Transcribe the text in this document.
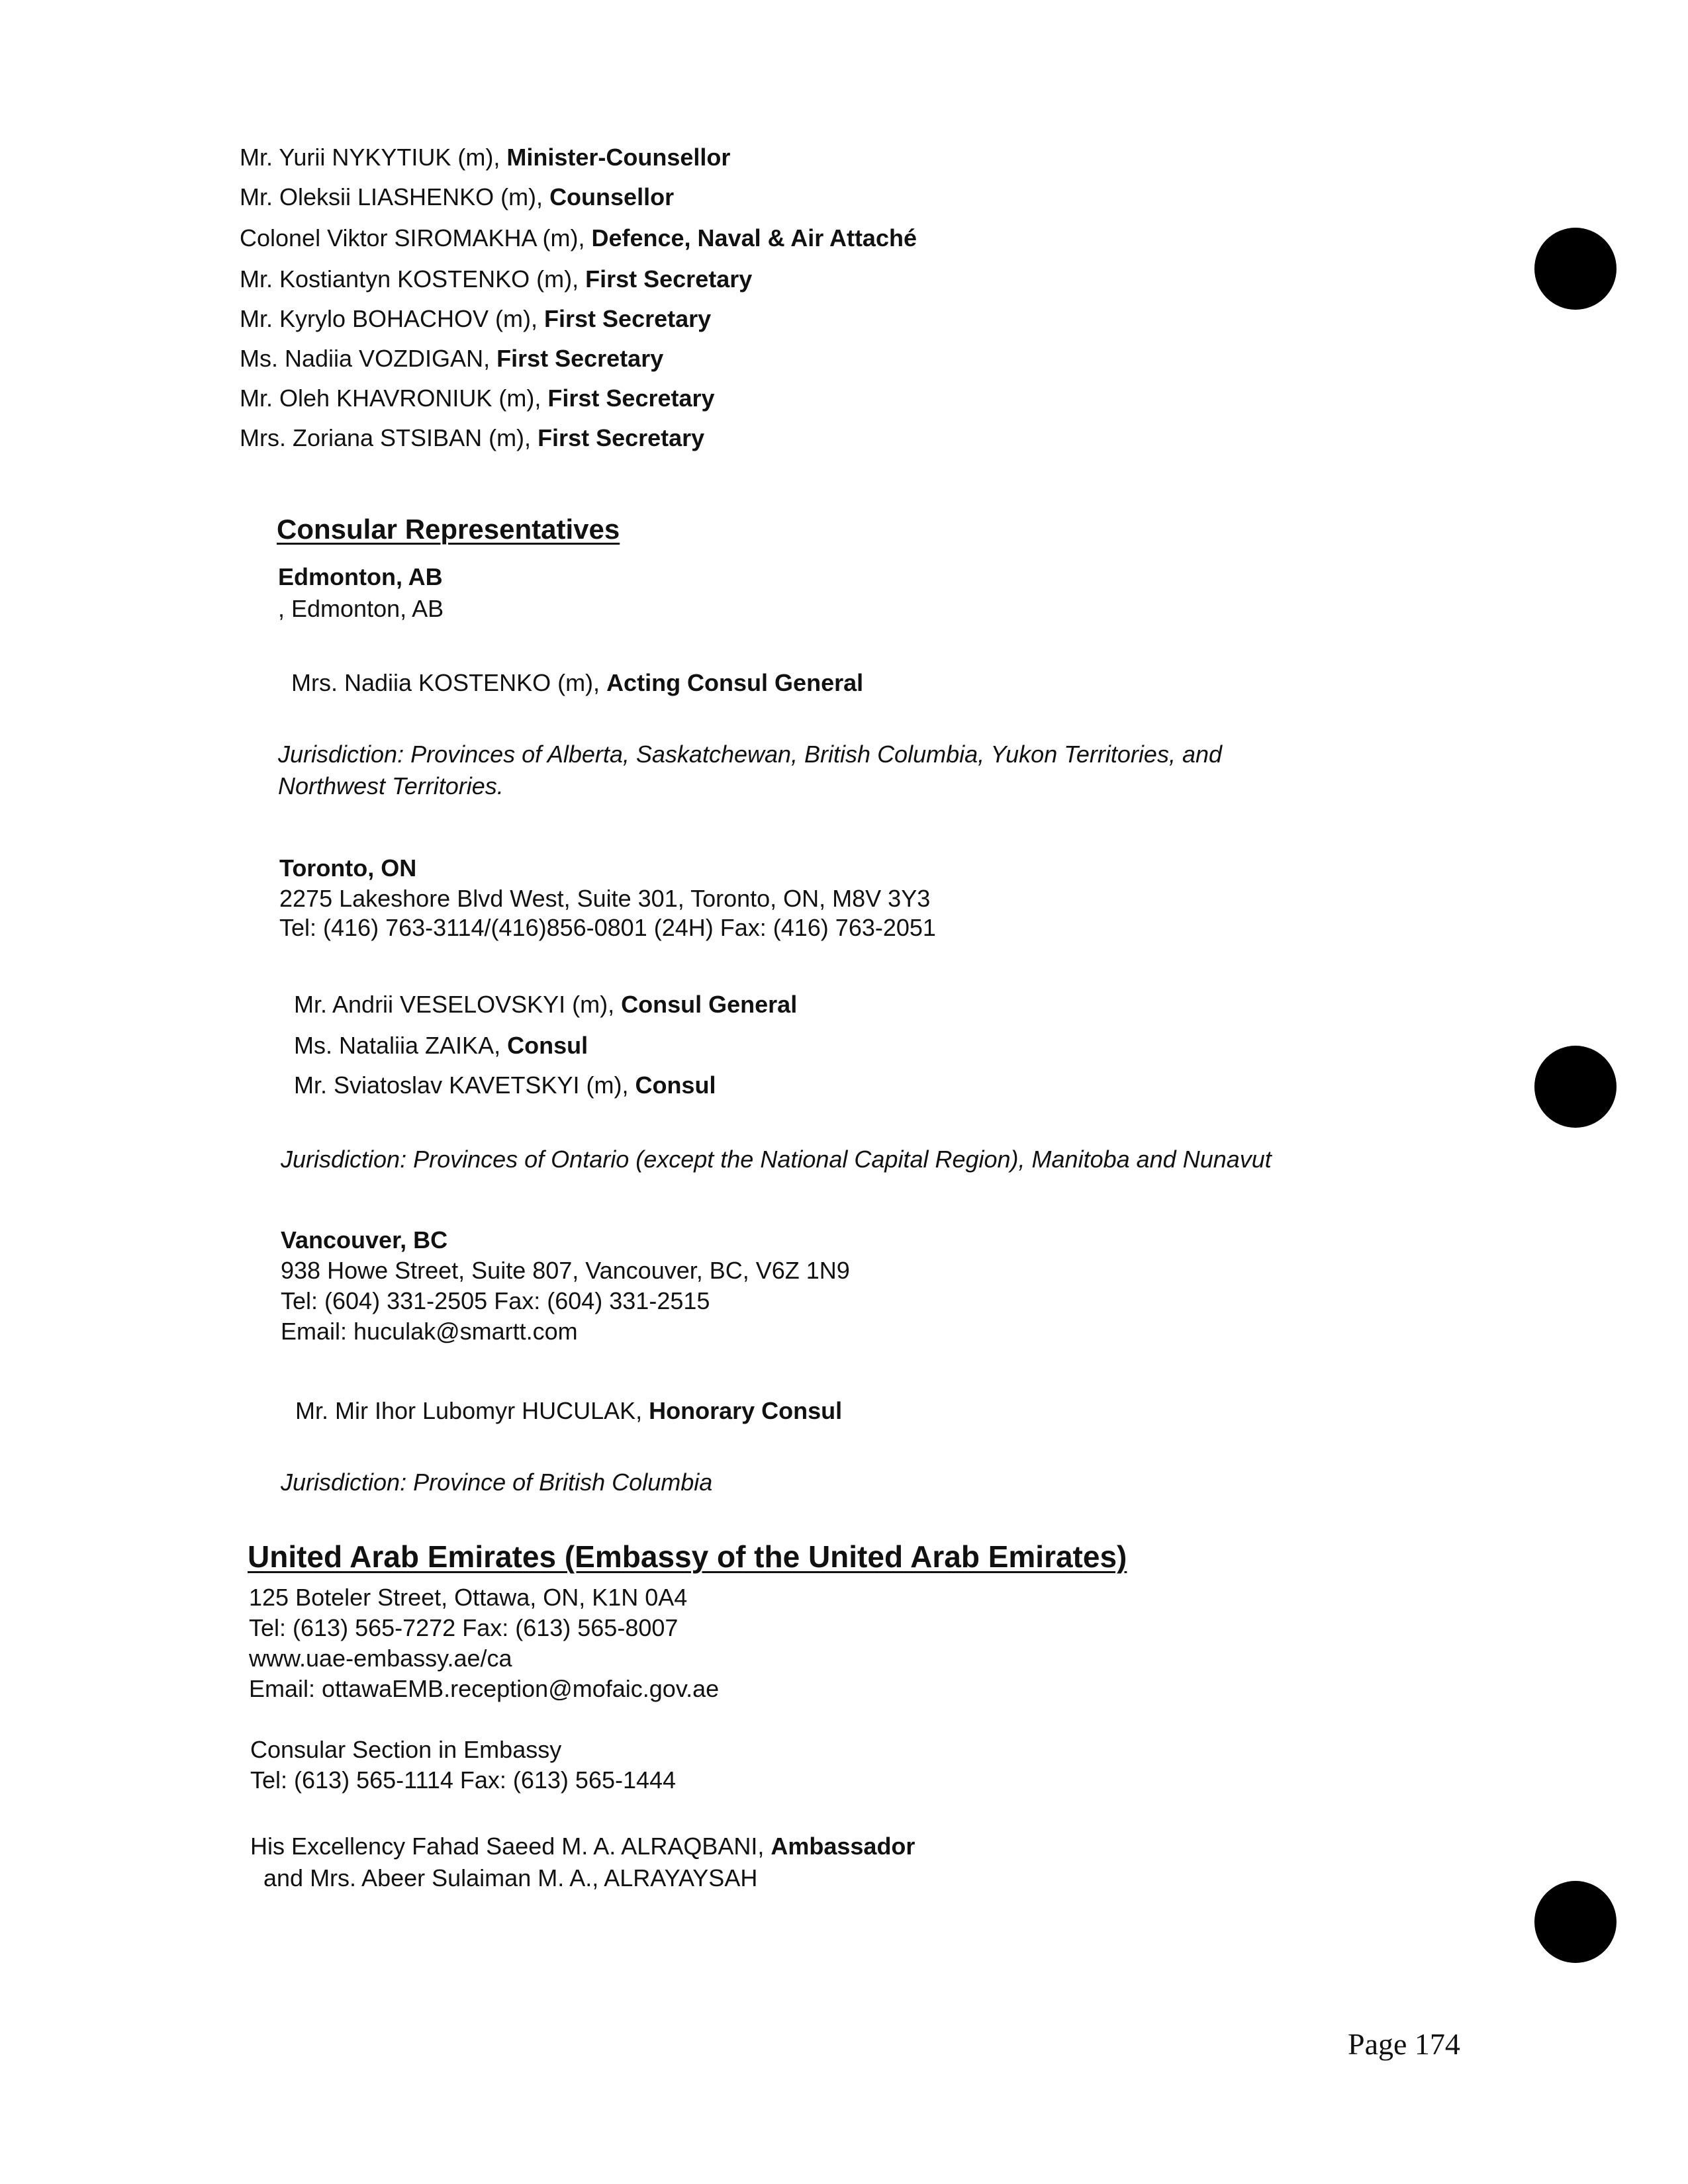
Mr. Yurii NYKYTIUK (m), Minister-Counsellor
Mr. Oleksii LIASHENKO (m), Counsellor
Colonel Viktor SIROMAKHA (m), Defence, Naval & Air Attaché
Mr. Kostiantyn KOSTENKO (m), First Secretary
Mr. Kyrylo BOHACHOV (m), First Secretary
Ms. Nadiia VOZDIGAN, First Secretary
Mr. Oleh KHAVRONIUK (m), First Secretary
Mrs. Zoriana STSIBAN (m), First Secretary
Consular Representatives
Edmonton, AB
, Edmonton, AB
Mrs. Nadiia KOSTENKO (m), Acting Consul General
Jurisdiction: Provinces of Alberta, Saskatchewan, British Columbia, Yukon Territories, and
Northwest Territories.
Toronto, ON
2275 Lakeshore Blvd West, Suite 301, Toronto, ON, M8V 3Y3
Tel: (416) 763-3114/(416)856-0801 (24H) Fax: (416) 763-2051
Mr. Andrii VESELOVSKYI (m), Consul General
Ms. Nataliia ZAIKA, Consul
Mr. Sviatoslav KAVETSKYI (m), Consul
Jurisdiction: Provinces of Ontario (except the National Capital Region), Manitoba and Nunavut
Vancouver, BC
938 Howe Street, Suite 807, Vancouver, BC, V6Z 1N9
Tel: (604) 331-2505 Fax: (604) 331-2515
Email: huculak@smartt.com
Mr. Mir Ihor Lubomyr HUCULAK, Honorary Consul
Jurisdiction: Province of British Columbia
United Arab Emirates (Embassy of the United Arab Emirates)
125 Boteler Street, Ottawa, ON, K1N 0A4
Tel: (613) 565-7272 Fax: (613) 565-8007
www.uae-embassy.ae/ca
Email: ottawaEMB.reception@mofaic.gov.ae
Consular Section in Embassy
Tel: (613) 565-1114 Fax: (613) 565-1444
His Excellency Fahad Saeed M. A. ALRAQBANI, Ambassador
and Mrs. Abeer Sulaiman M. A., ALRAYAYSAH
Page 174
